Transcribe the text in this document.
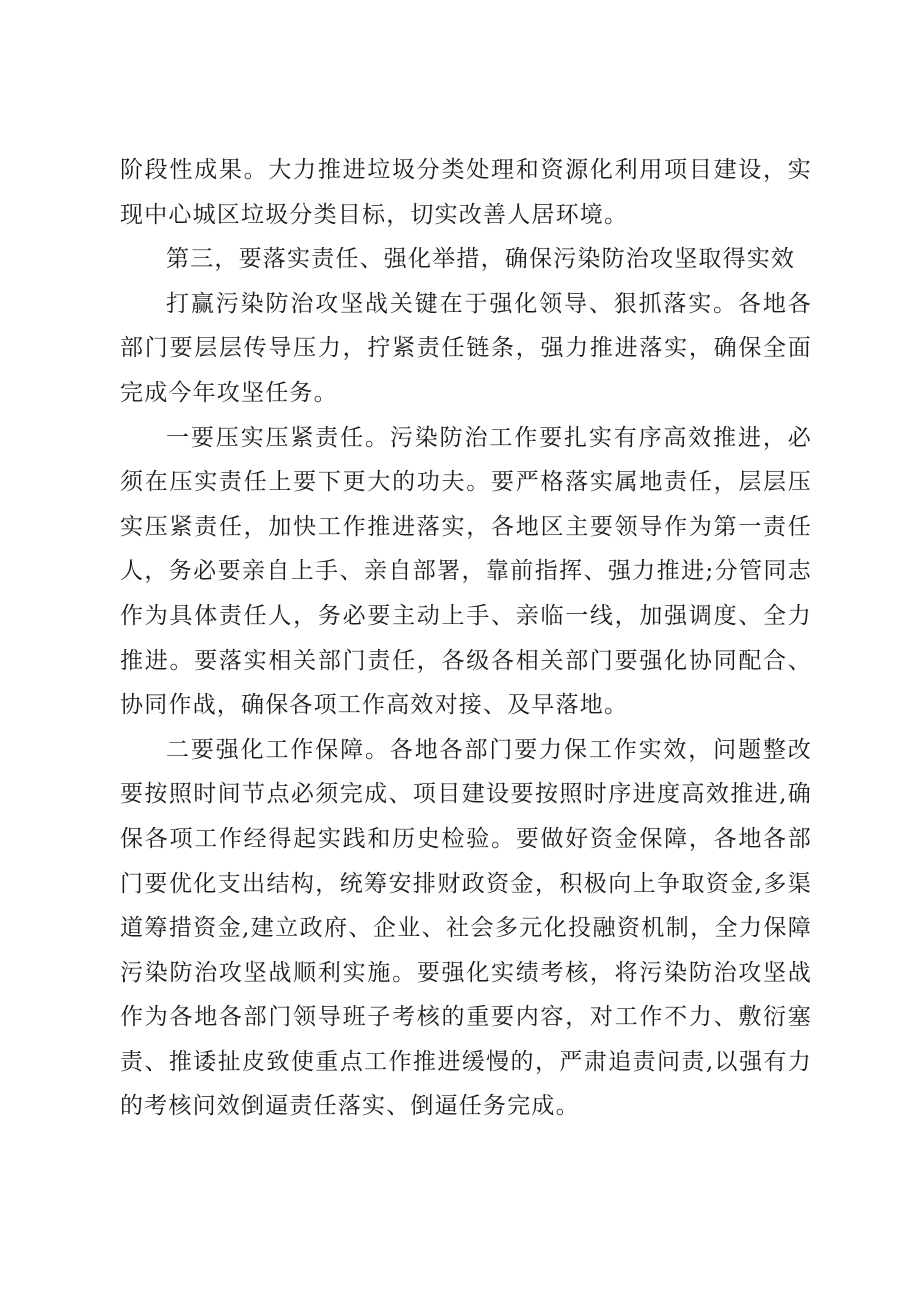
阶段性成果。大力推进垃圾分类处理和资源化利用项目建设，实现中心城区垃圾分类目标，切实改善人居环境。

第三，要落实责任、强化举措，确保污染防治攻坚取得实效

打赢污染防治攻坚战关键在于强化领导、狠抓落实。各地各部门要层层传导压力，拧紧责任链条，强力推进落实，确保全面完成今年攻坚任务。

一要压实压紧责任。污染防治工作要扎实有序高效推进，必须在压实责任上要下更大的功夫。要严格落实属地责任，层层压实压紧责任，加快工作推进落实，各地区主要领导作为第一责任人，务必要亲自上手、亲自部署，靠前指挥、强力推进;分管同志作为具体责任人，务必要主动上手、亲临一线，加强调度、全力推进。要落实相关部门责任，各级各相关部门要强化协同配合、协同作战，确保各项工作高效对接、及早落地。

二要强化工作保障。各地各部门要力保工作实效，问题整改要按照时间节点必须完成、项目建设要按照时序进度高效推进,确保各项工作经得起实践和历史检验。要做好资金保障，各地各部门要优化支出结构，统筹安排财政资金，积极向上争取资金,多渠道筹措资金,建立政府、企业、社会多元化投融资机制，全力保障污染防治攻坚战顺利实施。要强化实绩考核，将污染防治攻坚战作为各地各部门领导班子考核的重要内容，对工作不力、敷衍塞责、推诿扯皮致使重点工作推进缓慢的，严肃追责问责,以强有力的考核问效倒逼责任落实、倒逼任务完成。
